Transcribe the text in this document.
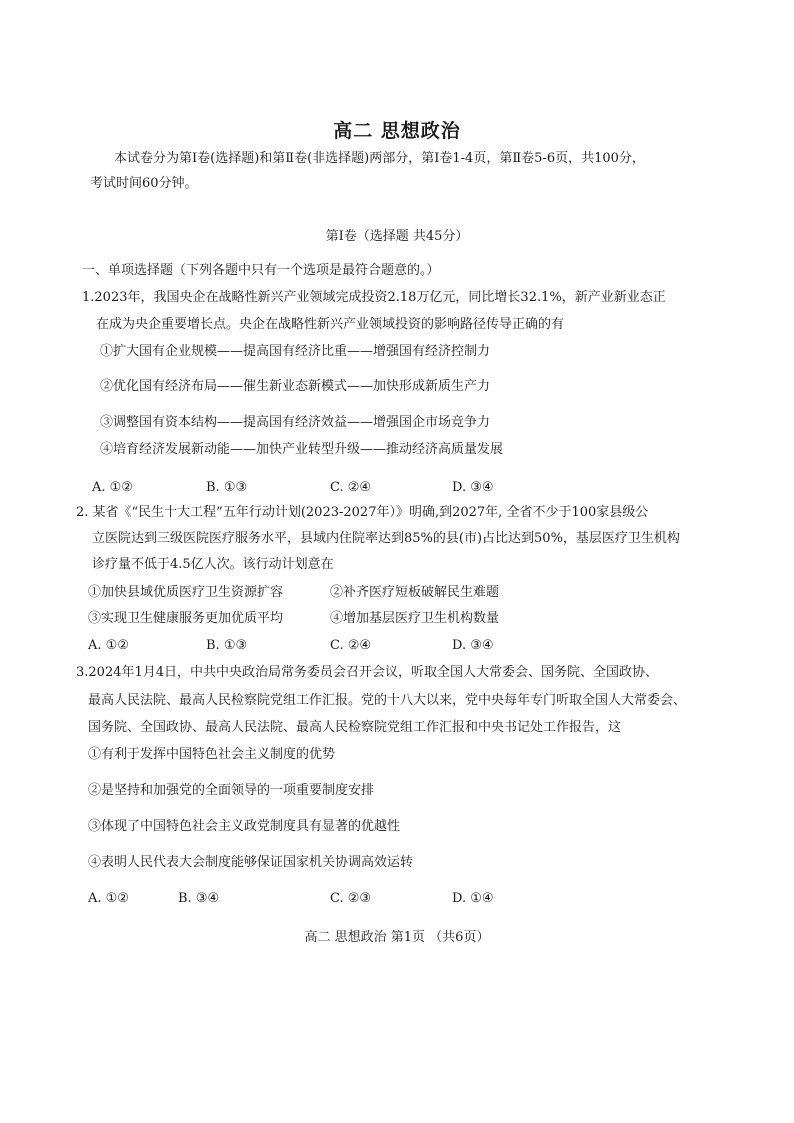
高二 思想政治
本试卷分为第Ⅰ卷(选择题)和第Ⅱ卷(非选择题)两部分，第Ⅰ卷1-4页，第Ⅱ卷5-6页，共100分，
考试时间60分钟。
第Ⅰ卷（选择题 共45分）
一、单项选择题（下列各题中只有一个选项是最符合题意的。）
1.2023年，我国央企在战略性新兴产业领域完成投资2.18万亿元，同比增长32.1%，新产业新业态正
在成为央企重要增长点。央企在战略性新兴产业领域投资的影响路径传导正确的有
①扩大国有企业规模——提高国有经济比重——增强国有经济控制力
②优化国有经济布局——催生新业态新模式——加快形成新质生产力
③调整国有资本结构——提高国有经济效益——增强国企市场竞争力
④培育经济发展新动能——加快产业转型升级——推动经济高质量发展
A. ①②	B. ①③	C. ②④	D. ③④
2. 某省《“民生十大工程”五年行动计划(2023-2027年）》明确,到2027年, 全省不少于100家县级公
立医院达到三级医院医疗服务水平，县域内住院率达到85%的县(市)占比达到50%，基层医疗卫生机构
诊疗量不低于4.5亿人次。该行动计划意在
①加快县域优质医疗卫生资源扩容	②补齐医疗短板破解民生难题
③实现卫生健康服务更加优质平均	④增加基层医疗卫生机构数量
A. ①②	B. ①③	C. ②④	D. ③④
3.2024年1月4日，中共中央政治局常务委员会召开会议，听取全国人大常委会、国务院、全国政协、
最高人民法院、最高人民检察院党组工作汇报。党的十八大以来，党中央每年专门听取全国人大常委会、
国务院、全国政协、最高人民法院、最高人民检察院党组工作汇报和中央书记处工作报告，这
①有利于发挥中国特色社会主义制度的优势
②是坚持和加强党的全面领导的一项重要制度安排
③体现了中国特色社会主义政党制度具有显著的优越性
④表明人民代表大会制度能够保证国家机关协调高效运转
A. ①②	B. ③④	C. ②③	D. ①④
高二 思想政治 第1页 （共6页）
